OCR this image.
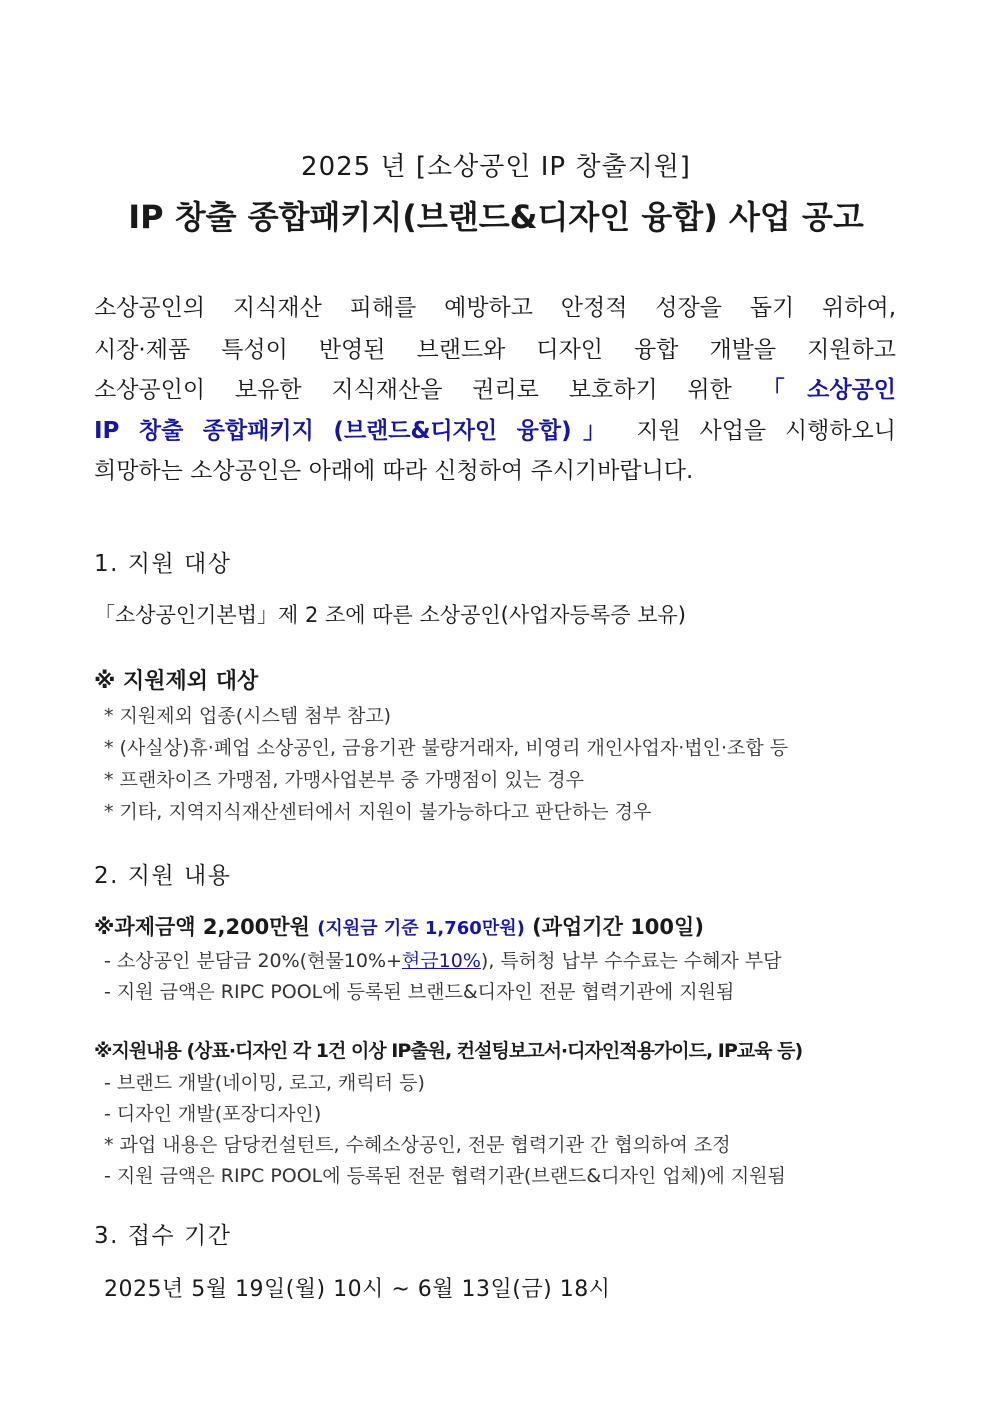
2025 년 [소상공인 IP 창출지원]
IP 창출 종합패키지(브랜드&디자인 융합) 사업 공고
소상공인의 지식재산 피해를 예방하고 안정적 성장을 돕기 위하여,
시장·제품 특성이 반영된 브랜드와 디자인 융합 개발을 지원하고
소상공인이 보유한 지식재산을 권리로 보호하기 위한 「소상공인
IP 창출 종합패키지 (브랜드&디자인 융합)」 지원 사업을 시행하오니
희망하는 소상공인은 아래에 따라 신청하여 주시기바랍니다.
1. 지원 대상
「소상공인기본법」제 2 조에 따른 소상공인(사업자등록증 보유)
※ 지원제외 대상
* 지원제외 업종(시스템 첨부 참고)
* (사실상)휴·폐업 소상공인, 금융기관 불량거래자, 비영리 개인사업자·법인·조합 등
* 프랜차이즈 가맹점, 가맹사업본부 중 가맹점이 있는 경우
* 기타, 지역지식재산센터에서 지원이 불가능하다고 판단하는 경우
2. 지원 내용
※과제금액 2,200만원 (지원금 기준 1,760만원) (과업기간 100일)
- 소상공인 분담금 20%(현물10%+현금10%), 특허청 납부 수수료는 수혜자 부담
- 지원 금액은 RIPC POOL에 등록된 브랜드&디자인 전문 협력기관에 지원됨
※지원내용 (상표·디자인 각 1건 이상 IP출원, 컨설팅보고서·디자인적용가이드, IP교육 등)
- 브랜드 개발(네이밍, 로고, 캐릭터 등)
- 디자인 개발(포장디자인)
* 과업 내용은 담당컨설턴트, 수혜소상공인, 전문 협력기관 간 협의하여 조정
- 지원 금액은 RIPC POOL에 등록된 전문 협력기관(브랜드&디자인 업체)에 지원됨
3. 접수 기간
2025년 5월 19일(월) 10시 ~ 6월 13일(금) 18시
